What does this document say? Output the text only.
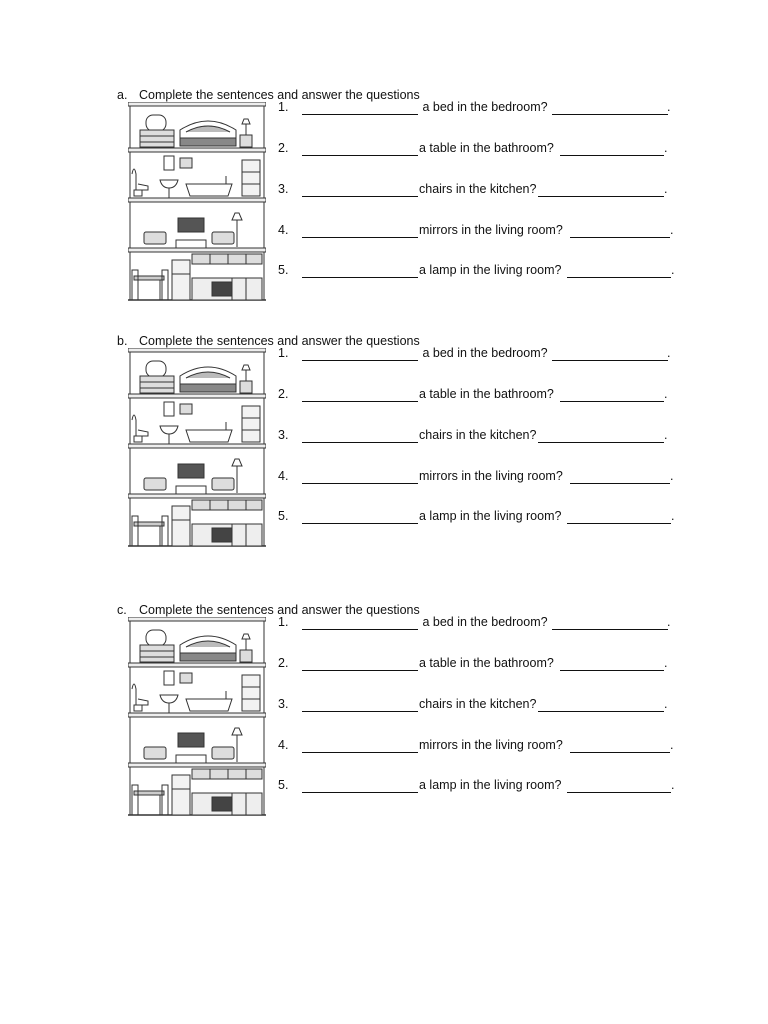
a. Complete the sentences and answer the questions
1.	a bed in the bedroom?	.
2.	a table in the bathroom?	.
3.	chairs in the kitchen?	.
4.	mirrors in the living room?	.
5.	a lamp in the living room?	.
b. Complete the sentences and answer the questions
1.	a bed in the bedroom?	.
2.	a table in the bathroom?	.
3.	chairs in the kitchen?	.
4.	mirrors in the living room?	.
5.	a lamp in the living room?	.
c. Complete the sentences and answer the questions
1.	a bed in the bedroom?	.
2.	a table in the bathroom?	.
3.	chairs in the kitchen?	.
4.	mirrors in the living room?	.
5.	a lamp in the living room?	.
